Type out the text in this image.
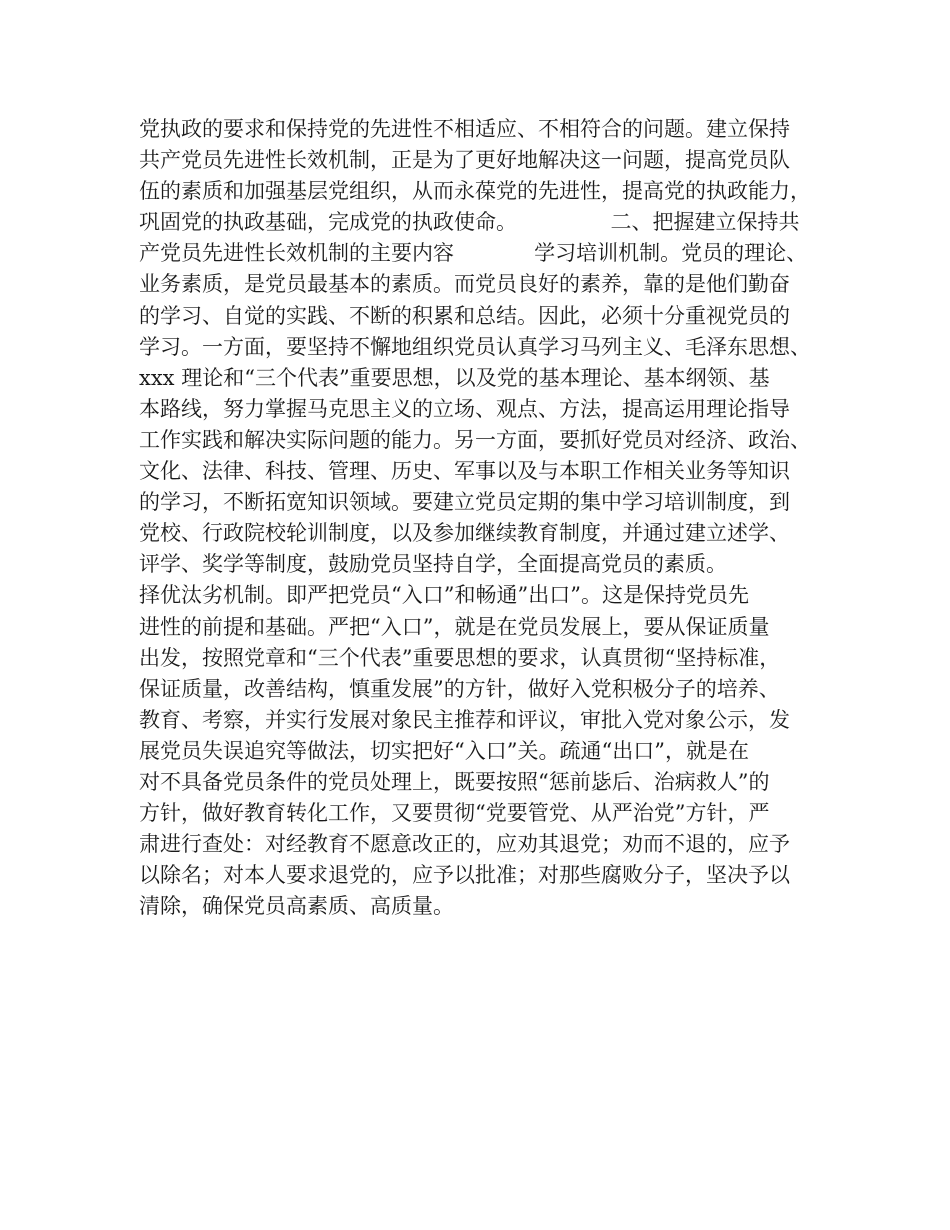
党执政的要求和保持党的先进性不相适应、不相符合的问题。建立保持
共产党员先进性长效机制，正是为了更好地解决这一问题，提高党员队
伍的素质和加强基层党组织，从而永葆党的先进性，提高党的执政能力，
巩固党的执政基础，完成党的执政使命。              二、把握建立保持共
产党员先进性长效机制的主要内容            学习培训机制。党员的理论、
业务素质，是党员最基本的素质。而党员良好的素养，靠的是他们勤奋
的学习、自觉的实践、不断的积累和总结。因此，必须十分重视党员的
学习。一方面，要坚持不懈地组织党员认真学习马列主义、毛泽东思想、
xxx 理论和“三个代表”重要思想，以及党的基本理论、基本纲领、基
本路线，努力掌握马克思主义的立场、观点、方法，提高运用理论指导
工作实践和解决实际问题的能力。另一方面，要抓好党员对经济、政治、
文化、法律、科技、管理、历史、军事以及与本职工作相关业务等知识
的学习，不断拓宽知识领域。要建立党员定期的集中学习培训制度，到
党校、行政院校轮训制度，以及参加继续教育制度，并通过建立述学、
评学、奖学等制度，鼓励党员坚持自学，全面提高党员的素质。
择优汰劣机制。即严把党员“入口”和畅通”出口”。这是保持党员先
进性的前提和基础。严把“入口”，就是在党员发展上，要从保证质量
出发，按照党章和“三个代表”重要思想的要求，认真贯彻“坚持标准，
保证质量，改善结构，慎重发展”的方针，做好入党积极分子的培养、
教育、考察，并实行发展对象民主推荐和评议，审批入党对象公示，发
展党员失误追究等做法，切实把好“入口”关。疏通“出口”，就是在
对不具备党员条件的党员处理上，既要按照“惩前毖后、治病救人”的
方针，做好教育转化工作，又要贯彻“党要管党、从严治党”方针，严
肃进行查处：对经教育不愿意改正的，应劝其退党；劝而不退的，应予
以除名；对本人要求退党的，应予以批准；对那些腐败分子，坚决予以
清除，确保党员高素质、高质量。
